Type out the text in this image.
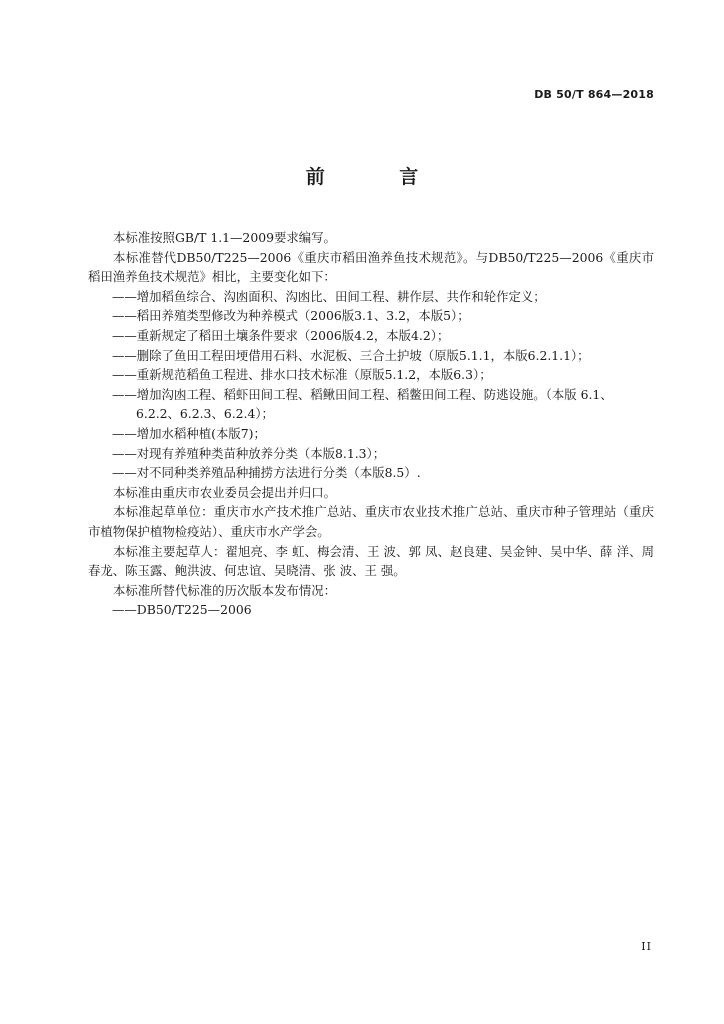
DB 50/T 864—2018
前 言

本标准按照GB/T 1.1—2009要求编写。

本标准替代DB50/T225—2006《重庆市稻田渔养鱼技术规范》。与DB50/T225—2006《重庆市稻田渔养鱼技术规范》相比，主要变化如下：

——增加稻鱼综合、沟凼面积、沟凼比、田间工程、耕作层、共作和轮作定义；

——稻田养殖类型修改为种养模式（2006版3.1、3.2，本版5）；

——重新规定了稻田土壤条件要求（2006版4.2，本版4.2）；

——删除了鱼田工程田埂借用石料、水泥板、三合土护坡（原版5.1.1，本版6.2.1.1）；

——重新规范稻鱼工程进、排水口技术标准（原版5.1.2，本版6.3）；

——增加沟凼工程、稻虾田间工程、稻鳅田间工程、稻鳖田间工程、防逃设施。（本版 6.1、6.2.2、6.2.3、6.2.4）；

——增加水稻种植(本版7)；

——对现有养殖种类苗种放养分类（本版8.1.3）；

——对不同种类养殖品种捕捞方法进行分类（本版8.5）.

本标准由重庆市农业委员会提出并归口。

本标准起草单位：重庆市水产技术推广总站、重庆市农业技术推广总站、重庆市种子管理站（重庆市植物保护植物检疫站）、重庆市水产学会。

本标准主要起草人：翟旭亮、李 虹、梅会清、王 波、郭 凤、赵良建、吴金钟、吴中华、薛 洋、周春龙、陈玉露、鲍洪波、何忠谊、吴晓清、张 波、王 强。

本标准所替代标准的历次版本发布情况：

——DB50/T225—2006

II
